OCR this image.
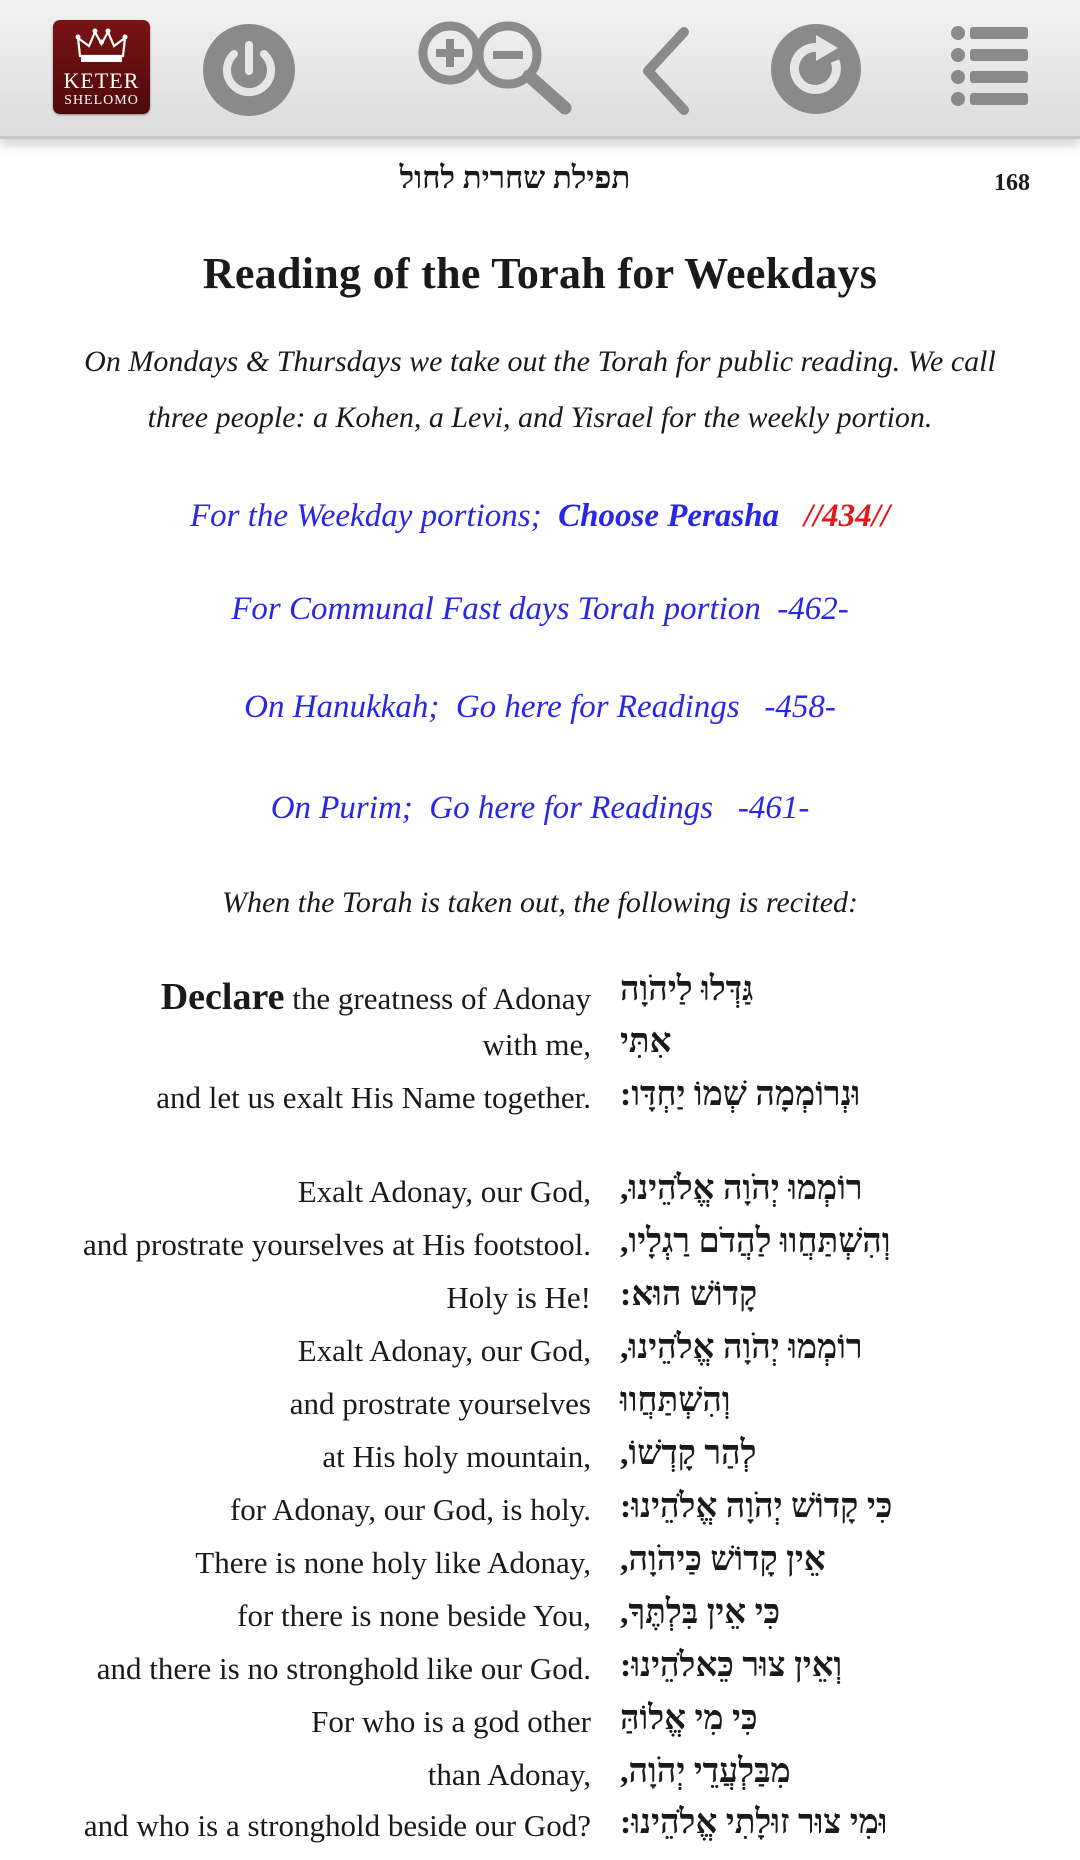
KETER
SHELOMO
תפילת שחרית לחול	168
Reading of the Torah for Weekdays
On Mondays & Thursdays we take out the Torah for public reading. We call
three people: a Kohen, a Levi, and Yisrael for the weekly portion.
For the Weekday portions; Choose Perasha //434//
For Communal Fast days Torah portion  -462-
On Hanukkah;  Go here for Readings   -458-
On Purim;  Go here for Readings   -461-
When the Torah is taken out, the following is recited:
Declare the greatness of Adonay גַּדְּלוּ לַיהֹוָה
with me, אִתִּי
and let us exalt His Name together. וּנְרוֹמְמָה שְׁמוֹ יַחְדָּו:
Exalt Adonay, our God, רוֹמְמוּ יְהֹוָה אֱלֹהֵינוּ,
and prostrate yourselves at His footstool. וְהִשְׁתַּחֲווּ לַהֲדֹם רַגְלָיו,
Holy is He! קָדוֹשׁ הוּא:
Exalt Adonay, our God, רוֹמְמוּ יְהֹוָה אֱלֹהֵינוּ,
and prostrate yourselves וְהִשְׁתַּחֲווּ
at His holy mountain, לְהַר קָדְשׁוֹ,
for Adonay, our God, is holy. כִּי קָדוֹשׁ יְהֹוָה אֱלֹהֵינוּ:
There is none holy like Adonay, אֵין קָדוֹשׁ כַּיהֹוָה,
for there is none beside You, כִּי אֵין בִּלְתֶּךָ,
and there is no stronghold like our God. וְאֵין צוּר כֵּאלֹהֵינוּ:
For who is a god other כִּי מִי אֱלוֹהַּ
than Adonay, מִבַּלְעֲדֵי יְהֹוָה,
and who is a stronghold beside our God? וּמִי צוּר זוּלָתִי אֱלֹהֵינוּ:
